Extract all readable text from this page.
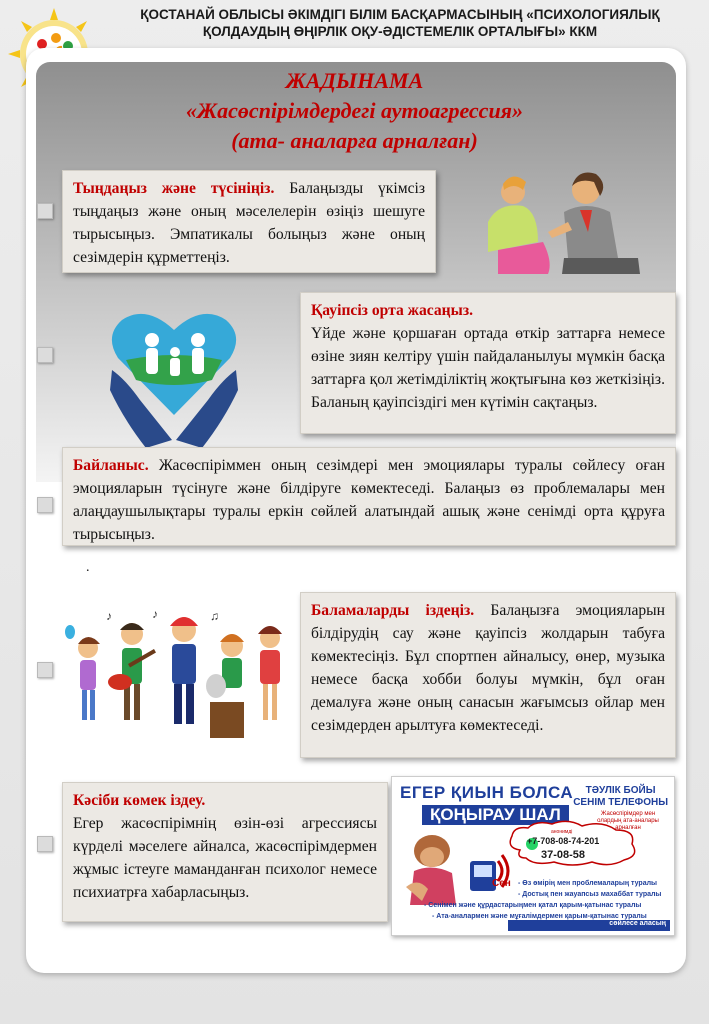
ҚОСТАНАЙ ОБЛЫСЫ ӘКІМДІГІ БІЛІМ БАСҚАРМАСЫНЫҢ «ПСИХОЛОГИЯЛЫҚ
ҚОЛДАУДЫҢ ӨҢІРЛІК ОҚУ-ӘДІСТЕМЕЛІК ОРТАЛЫҒЫ» ККМ
ЖАДЫНАМА
«Жасөспірімдердегі аутоагрессия»
(ата- аналарға арналған)
Тыңдаңыз және түсініңіз. Балаңызды үкімсіз тыңдаңыз және оның мәселелерін өзіңіз шешуге тырысыңыз. Эмпатикалы болыңыз және оның сезімдерін құрметтеңіз.
Қауіпсіз орта жасаңыз.
Үйде және қоршаған ортада өткір заттарға немесе өзіне зиян келтіру үшін пайдаланылуы мүмкін басқа заттарға қол жетімділіктің жоқтығына көз жеткізіңіз. Баланың қауіпсіздігі мен күтімін сақтаңыз.
Байланыс. Жасөспіріммен оның сезімдері мен эмоциялары туралы сөйлесу оған эмоцияларын түсінуге және білдіруге көмектеседі. Балаңыз өз проблемалары мен алаңдаушылықтары туралы еркін сөйлей алатындай ашық және сенімді орта құруға тырысыңыз.
.
♪	♫
♪	Баламаларды іздеңіз. Балаңызға эмоцияларын білдірудің сау және қауіпсіз жолдарын табуға көмектесіңіз. Бұл спортпен айналысу, өнер, музыка немесе басқа хобби болуы мүмкін, бұл оған демалуға және оның санасын жағымсыз ойлар мен сезімдерден арылтуға көмектеседі.
Кәсіби көмек іздеу.
Егер жасөспірімнің өзін-өзі агрессиясы күрделі мәселеге айналса, жасөспірімдермен жұмыс істеуге маманданған психолог немесе психиатрға хабарласыңыз.
ЕГЕР ҚИЫН БОЛСА
ҚОҢЫРАУ ШАЛ
ТӘУЛІК БОЙЫ
СЕНІМ ТЕЛЕФОНЫ
Жасөспірімдер мен олардың ата-аналары арналған
анонимді
+7-708-08-74-201
37-08-58
Сен - Өз өмірің мен проблемаларың туралы
- Достық пен жауапсыз махаббат туралы
- Сенімен және құрдастарыңмен қатал қарым-қатынас туралы
- Ата-аналармен және мұғалімдермен қарым-қатынас туралы
сөйлесе аласың
